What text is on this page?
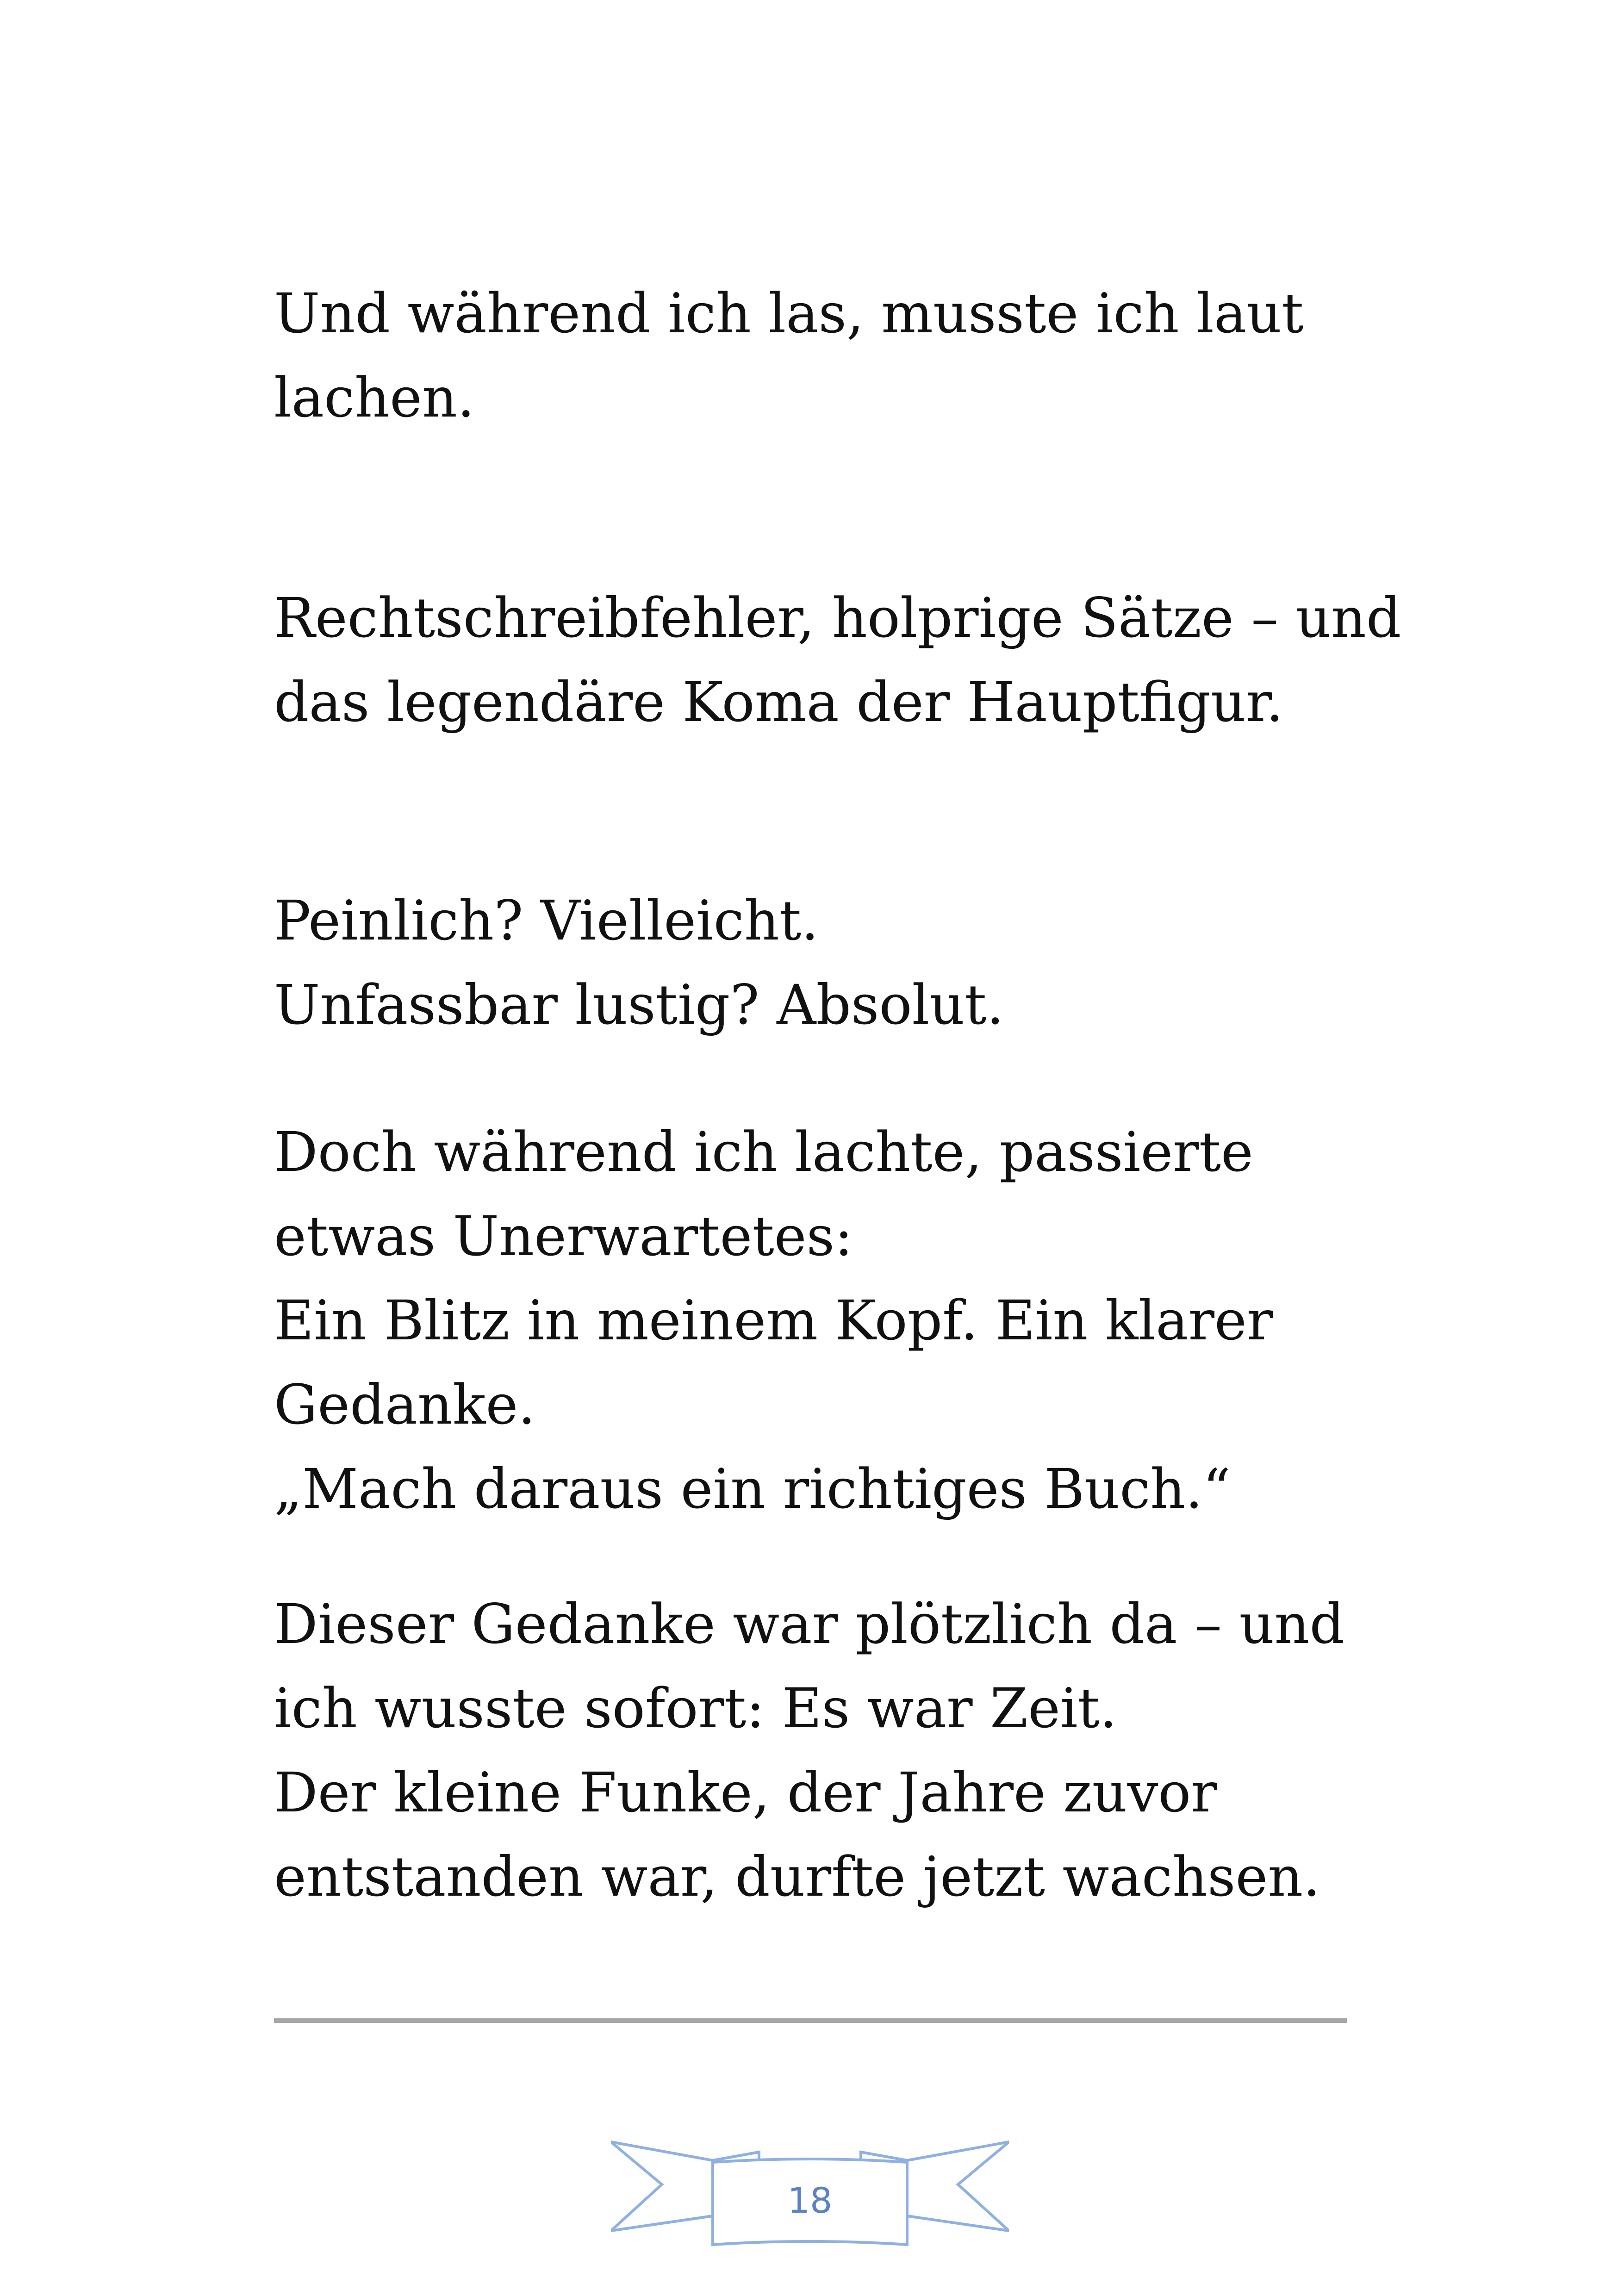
Und während ich las, musste ich laut
lachen.
Rechtschreibfehler, holprige Sätze – und
das legendäre Koma der Hauptfigur.
Peinlich? Vielleicht.
Unfassbar lustig? Absolut.
Doch während ich lachte, passierte
etwas Unerwartetes:
Ein Blitz in meinem Kopf. Ein klarer
Gedanke.
„Mach daraus ein richtiges Buch.“
Dieser Gedanke war plötzlich da – und
ich wusste sofort: Es war Zeit.
Der kleine Funke, der Jahre zuvor
entstanden war, durfte jetzt wachsen.
18
